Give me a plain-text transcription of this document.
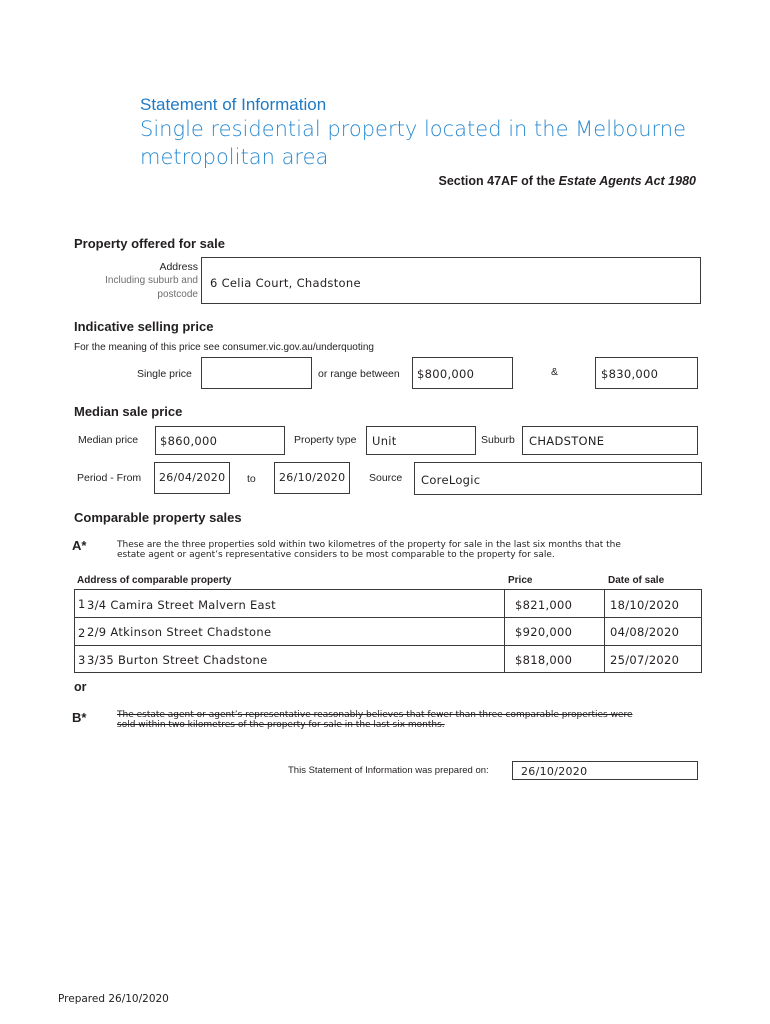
Statement of Information
Single residential property located in the Melbourne
metropolitan area
Section 47AF of the Estate Agents Act 1980
Property offered for sale
Address
Including suburb and
postcode
6 Celia Court, Chadstone
Indicative selling price
For the meaning of this price see consumer.vic.gov.au/underquoting
Single price	or range between $800,000	&	$830,000
Median sale price
Median price $860,000	Property type Unit	Suburb CHADSTONE
Period - From 26/04/2020 to 26/10/2020 Source CoreLogic
Comparable property sales
A*	These are the three properties sold within two kilometres of the property for sale in the last six months that the
estate agent or agent’s representative considers to be most comparable to the property for sale.
Address of comparable property	Price	Date of sale
1 3/4 Camira Street Malvern East	$821,000	18/10/2020
2 2/9 Atkinson Street Chadstone	$920,000	04/08/2020
3 3/35 Burton Street Chadstone	$818,000	25/07/2020
or
B*	The estate agent or agent’s representative reasonably believes that fewer than three comparable properties were
sold within two kilometres of the property for sale in the last six months.
This Statement of Information was prepared on:	26/10/2020
Prepared 26/10/2020
